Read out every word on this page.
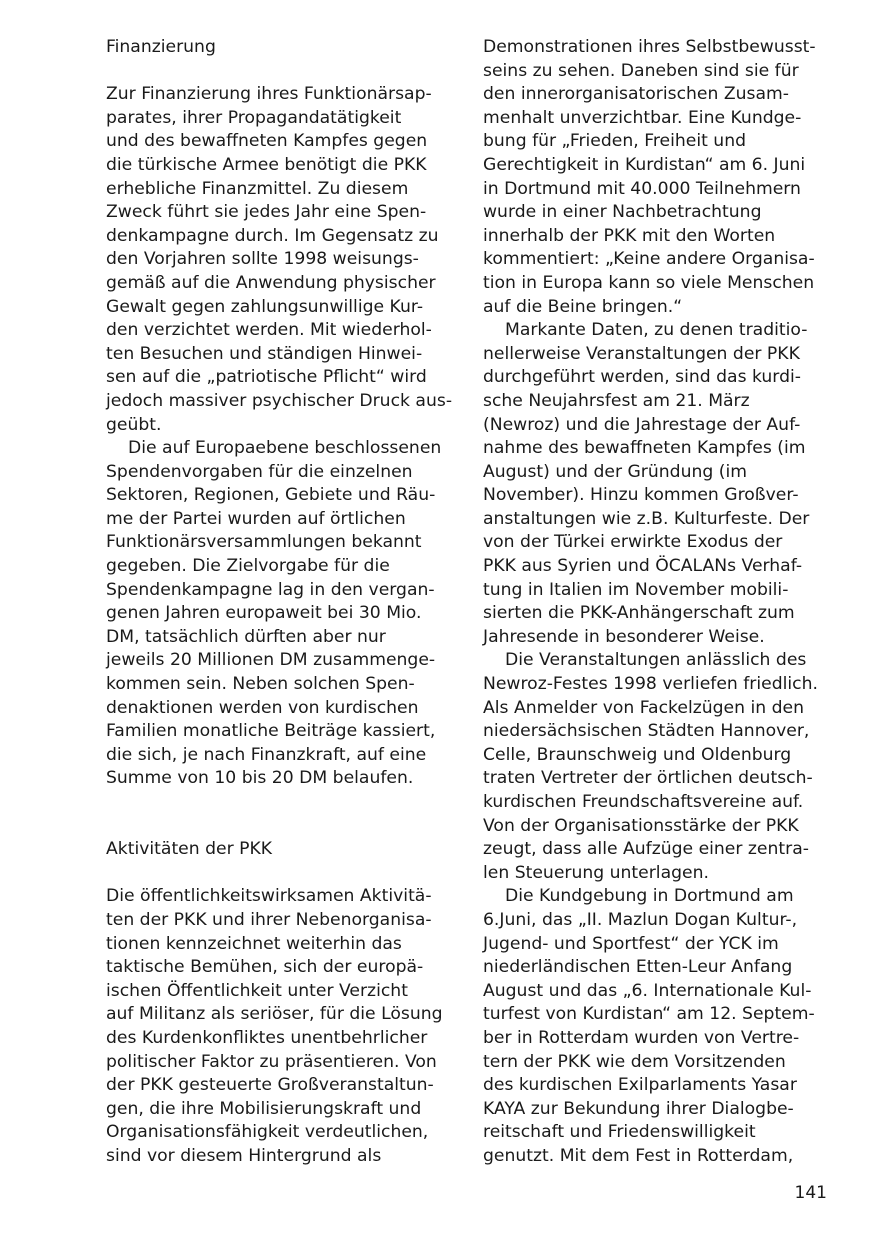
Finanzierung
Zur Finanzierung ihres Funktionärsap-
parates, ihrer Propagandatätigkeit
und des bewaffneten Kampfes gegen
die türkische Armee benötigt die PKK
erhebliche Finanzmittel. Zu diesem
Zweck führt sie jedes Jahr eine Spen-
denkampagne durch. Im Gegensatz zu
den Vorjahren sollte 1998 weisungs-
gemäß auf die Anwendung physischer
Gewalt gegen zahlungsunwillige Kur-
den verzichtet werden. Mit wiederhol-
ten Besuchen und ständigen Hinwei-
sen auf die „patriotische Pflicht“ wird
jedoch massiver psychischer Druck aus-
geübt.
Die auf Europaebene beschlossenen
Spendenvorgaben für die einzelnen
Sektoren, Regionen, Gebiete und Räu-
me der Partei wurden auf örtlichen
Funktionärsversammlungen bekannt
gegeben. Die Zielvorgabe für die
Spendenkampagne lag in den vergan-
genen Jahren europaweit bei 30 Mio.
DM, tatsächlich dürften aber nur
jeweils 20 Millionen DM zusammenge-
kommen sein. Neben solchen Spen-
denaktionen werden von kurdischen
Familien monatliche Beiträge kassiert,
die sich, je nach Finanzkraft, auf eine
Summe von 10 bis 20 DM belaufen.
Aktivitäten der PKK
Die öffentlichkeitswirksamen Aktivitä-
ten der PKK und ihrer Nebenorganisa-
tionen kennzeichnet weiterhin das
taktische Bemühen, sich der europä-
ischen Öffentlichkeit unter Verzicht
auf Militanz als seriöser, für die Lösung
des Kurdenkonfliktes unentbehrlicher
politischer Faktor zu präsentieren. Von
der PKK gesteuerte Großveranstaltun-
gen, die ihre Mobilisierungskraft und
Organisationsfähigkeit verdeutlichen,
sind vor diesem Hintergrund als
Demonstrationen ihres Selbstbewusst-
seins zu sehen. Daneben sind sie für
den innerorganisatorischen Zusam-
menhalt unverzichtbar. Eine Kundge-
bung für „Frieden, Freiheit und
Gerechtigkeit in Kurdistan“ am 6. Juni
in Dortmund mit 40.000 Teilnehmern
wurde in einer Nachbetrachtung
innerhalb der PKK mit den Worten
kommentiert: „Keine andere Organisa-
tion in Europa kann so viele Menschen
auf die Beine bringen.“
Markante Daten, zu denen traditio-
nellerweise Veranstaltungen der PKK
durchgeführt werden, sind das kurdi-
sche Neujahrsfest am 21. März
(Newroz) und die Jahrestage der Auf-
nahme des bewaffneten Kampfes (im
August) und der Gründung (im
November). Hinzu kommen Großver-
anstaltungen wie z.B. Kulturfeste. Der
von der Türkei erwirkte Exodus der
PKK aus Syrien und ÖCALANs Verhaf-
tung in Italien im November mobili-
sierten die PKK-Anhängerschaft zum
Jahresende in besonderer Weise.
Die Veranstaltungen anlässlich des
Newroz-Festes 1998 verliefen friedlich.
Als Anmelder von Fackelzügen in den
niedersächsischen Städten Hannover,
Celle, Braunschweig und Oldenburg
traten Vertreter der örtlichen deutsch-
kurdischen Freundschaftsvereine auf.
Von der Organisationsstärke der PKK
zeugt, dass alle Aufzüge einer zentra-
len Steuerung unterlagen.
Die Kundgebung in Dortmund am
6.Juni, das „II. Mazlun Dogan Kultur-,
Jugend- und Sportfest“ der YCK im
niederländischen Etten-Leur Anfang
August und das „6. Internationale Kul-
turfest von Kurdistan“ am 12. Septem-
ber in Rotterdam wurden von Vertre-
tern der PKK wie dem Vorsitzenden
des kurdischen Exilparlaments Yasar
KAYA zur Bekundung ihrer Dialogbe-
reitschaft und Friedenswilligkeit
genutzt. Mit dem Fest in Rotterdam,
141
